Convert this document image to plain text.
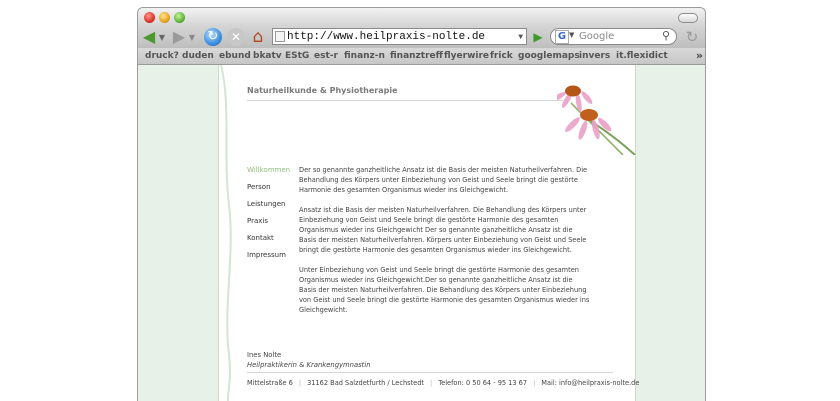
◀ ▼ ▶ ▼ ↻	✕ ⌂	http://www.heilpraxis-nolte.de	▼ ▶ G ▼ Google	⚲ ↻
druck? duden ebund bkatv EStG est-r finanz-n finanztreff flyerwire frick googlemaps invers it.flexidict	»
Naturheilkunde & Physiotherapie
Willkommen
Person
Leistungen
Praxis
Kontakt
Impressum

Der so genannte ganzheitliche Ansatz ist die Basis der meisten Naturheilverfahren. Die Behandlung des Körpers unter Einbeziehung von Geist und Seele bringt die gestörte Harmonie des gesamten Organismus wieder ins Gleichgewicht.

Ansatz ist die Basis der meisten Naturheilverfahren. Die Behandlung des Körpers unter Einbeziehung von Geist und Seele bringt die gestörte Harmonie des gesamten Organismus wieder ins Gleichgewicht Der so genannte ganzheitliche Ansatz ist die Basis der meisten Naturheilverfahren. Körpers unter Einbeziehung von Geist und Seele bringt die gestörte Harmonie des gesamten Organismus wieder ins Gleichgewicht.

Unter Einbeziehung von Geist und Seele bringt die gestörte Harmonie des gesamten Organismus wieder ins Gleichgewicht.Der so genannte ganzheitliche Ansatz ist die Basis der meisten Naturheilverfahren. Die Behandlung des Körpers unter Einbeziehung von Geist und Seele bringt die gestörte Harmonie des gesamten Organismus wieder ins Gleichgewicht.

Ines Nolte
Heilpraktikerin & Krankengymnastin
Mittelstraße 6 | 31162 Bad Salzdetfurth / Lechstedt | Telefon: 0 50 64 - 95 13 67 | Mail: info@heilpraxis-nolte.de
